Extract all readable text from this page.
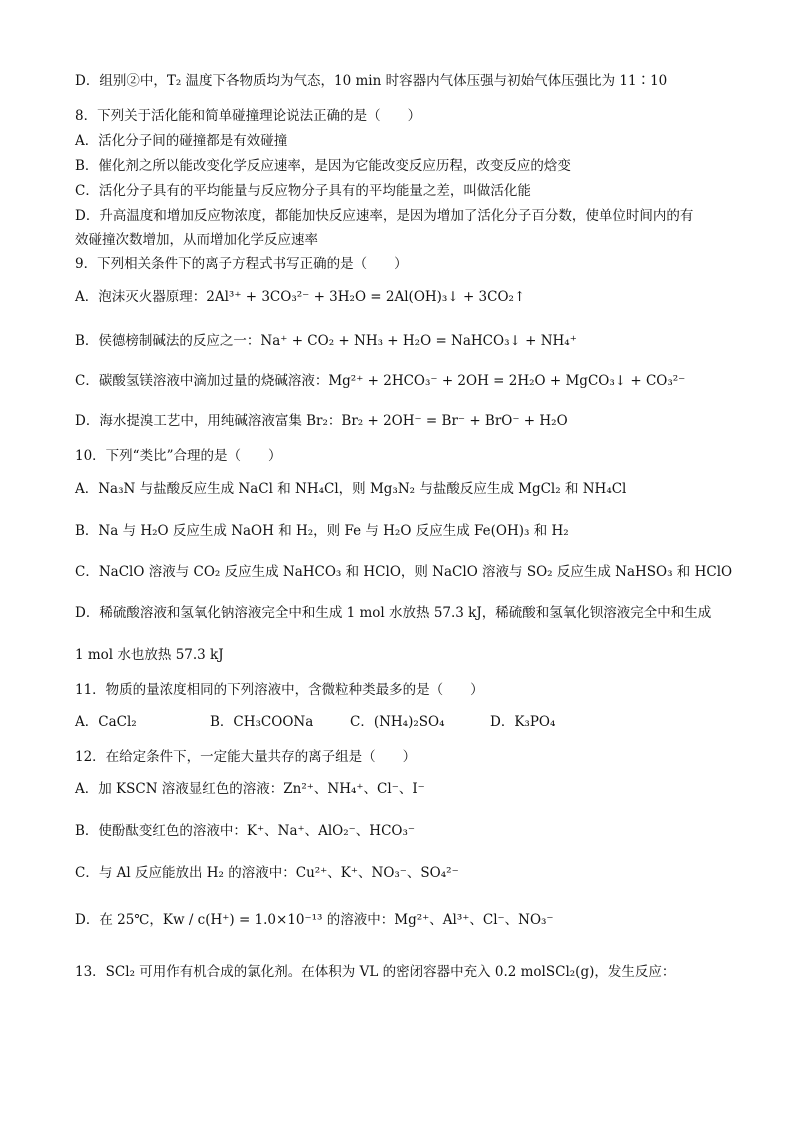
D．组别②中，T₂ 温度下各物质均为气态，10 min 时容器内气体压强与初始气体压强比为 11∶10
8．下列关于活化能和简单碰撞理论说法正确的是（　　）
A．活化分子间的碰撞都是有效碰撞
B．催化剂之所以能改变化学反应速率，是因为它能改变反应历程，改变反应的焓变
C．活化分子具有的平均能量与反应物分子具有的平均能量之差，叫做活化能
D．升高温度和增加反应物浓度，都能加快反应速率，是因为增加了活化分子百分数，使单位时间内的有
效碰撞次数增加，从而增加化学反应速率
9．下列相关条件下的离子方程式书写正确的是（　　）
A．泡沫灭火器原理：2Al³⁺ + 3CO₃²⁻ + 3H₂O = 2Al(OH)₃↓ + 3CO₂↑
B．侯德榜制碱法的反应之一：Na⁺ + CO₂ + NH₃ + H₂O = NaHCO₃↓ + NH₄⁺
C．碳酸氢镁溶液中滴加过量的烧碱溶液：Mg²⁺ + 2HCO₃⁻ + 2OH = 2H₂O + MgCO₃↓ + CO₃²⁻
D．海水提溴工艺中，用纯碱溶液富集 Br₂：Br₂ + 2OH⁻ = Br⁻ + BrO⁻ + H₂O
10．下列“类比”合理的是（　　）
A．Na₃N 与盐酸反应生成 NaCl 和 NH₄Cl，则 Mg₃N₂ 与盐酸反应生成 MgCl₂ 和 NH₄Cl
B．Na 与 H₂O 反应生成 NaOH 和 H₂，则 Fe 与 H₂O 反应生成 Fe(OH)₃ 和 H₂
C．NaClO 溶液与 CO₂ 反应生成 NaHCO₃ 和 HClO，则 NaClO 溶液与 SO₂ 反应生成 NaHSO₃ 和 HClO
D．稀硫酸溶液和氢氧化钠溶液完全中和生成 1 mol 水放热 57.3 kJ，稀硫酸和氢氧化钡溶液完全中和生成
1 mol 水也放热 57.3 kJ
11．物质的量浓度相同的下列溶液中，含微粒种类最多的是（　　）
A．CaCl₂	B．CH₃COONa	C．(NH₄)₂SO₄	D．K₃PO₄
12．在给定条件下，一定能大量共存的离子组是（　　）
A．加 KSCN 溶液显红色的溶液：Zn²⁺、NH₄⁺、Cl⁻、I⁻
B．使酚酞变红色的溶液中：K⁺、Na⁺、AlO₂⁻、HCO₃⁻
C．与 Al 反应能放出 H₂ 的溶液中：Cu²⁺、K⁺、NO₃⁻、SO₄²⁻
D．在 25℃，Kw / c(H⁺) = 1.0×10⁻¹³ 的溶液中：Mg²⁺、Al³⁺、Cl⁻、NO₃⁻
13．SCl₂ 可用作有机合成的氯化剂。在体积为 VL 的密闭容器中充入 0.2 molSCl₂(g)，发生反应：
